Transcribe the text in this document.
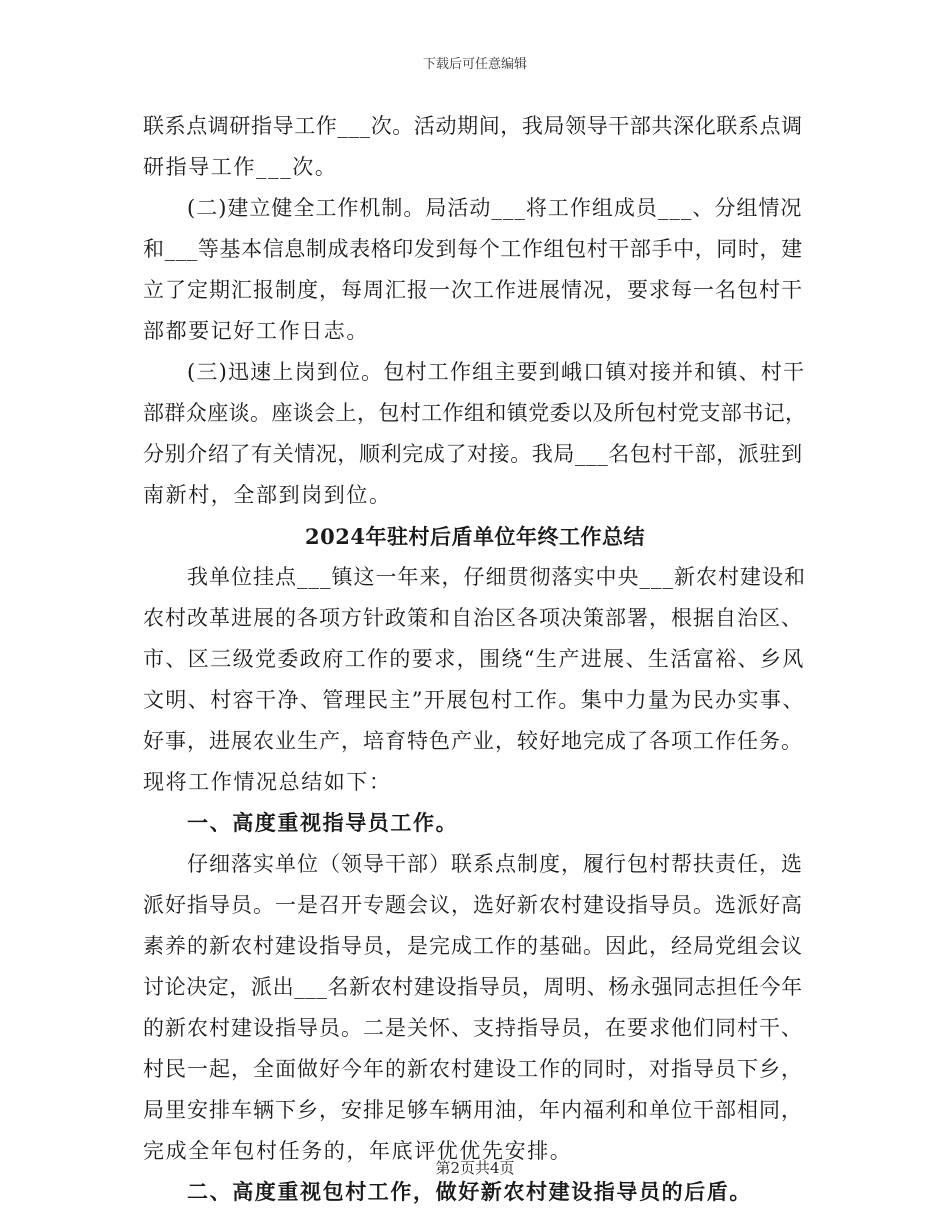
下载后可任意编辑
联系点调研指导工作___次。活动期间，我局领导干部共深化联系点调
研指导工作___次。
(二)建立健全工作机制。局活动___将工作组成员___、分组情况
和___等基本信息制成表格印发到每个工作组包村干部手中，同时，建
立了定期汇报制度，每周汇报一次工作进展情况，要求每一名包村干
部都要记好工作日志。
(三)迅速上岗到位。包村工作组主要到峨口镇对接并和镇、村干
部群众座谈。座谈会上，包村工作组和镇党委以及所包村党支部书记，
分别介绍了有关情况，顺利完成了对接。我局___名包村干部，派驻到
南新村，全部到岗到位。
2024年驻村后盾单位年终工作总结
我单位挂点___镇这一年来，仔细贯彻落实中央___新农村建设和
农村改革进展的各项方针政策和自治区各项决策部署，根据自治区、
市、区三级党委政府工作的要求，围绕“生产进展、生活富裕、乡风
文明、村容干净、管理民主”开展包村工作。集中力量为民办实事、
好事，进展农业生产，培育特色产业，较好地完成了各项工作任务。
现将工作情况总结如下：
一、高度重视指导员工作。
仔细落实单位（领导干部）联系点制度，履行包村帮扶责任，选
派好指导员。一是召开专题会议，选好新农村建设指导员。选派好高
素养的新农村建设指导员，是完成工作的基础。因此，经局党组会议
讨论决定，派出___名新农村建设指导员，周明、杨永强同志担任今年
的新农村建设指导员。二是关怀、支持指导员，在要求他们同村干、
村民一起，全面做好今年的新农村建设工作的同时，对指导员下乡，
局里安排车辆下乡，安排足够车辆用油，年内福利和单位干部相同，
完成全年包村任务的，年底评优优先安排。
二、高度重视包村工作，做好新农村建设指导员的后盾。
第2页共4页
